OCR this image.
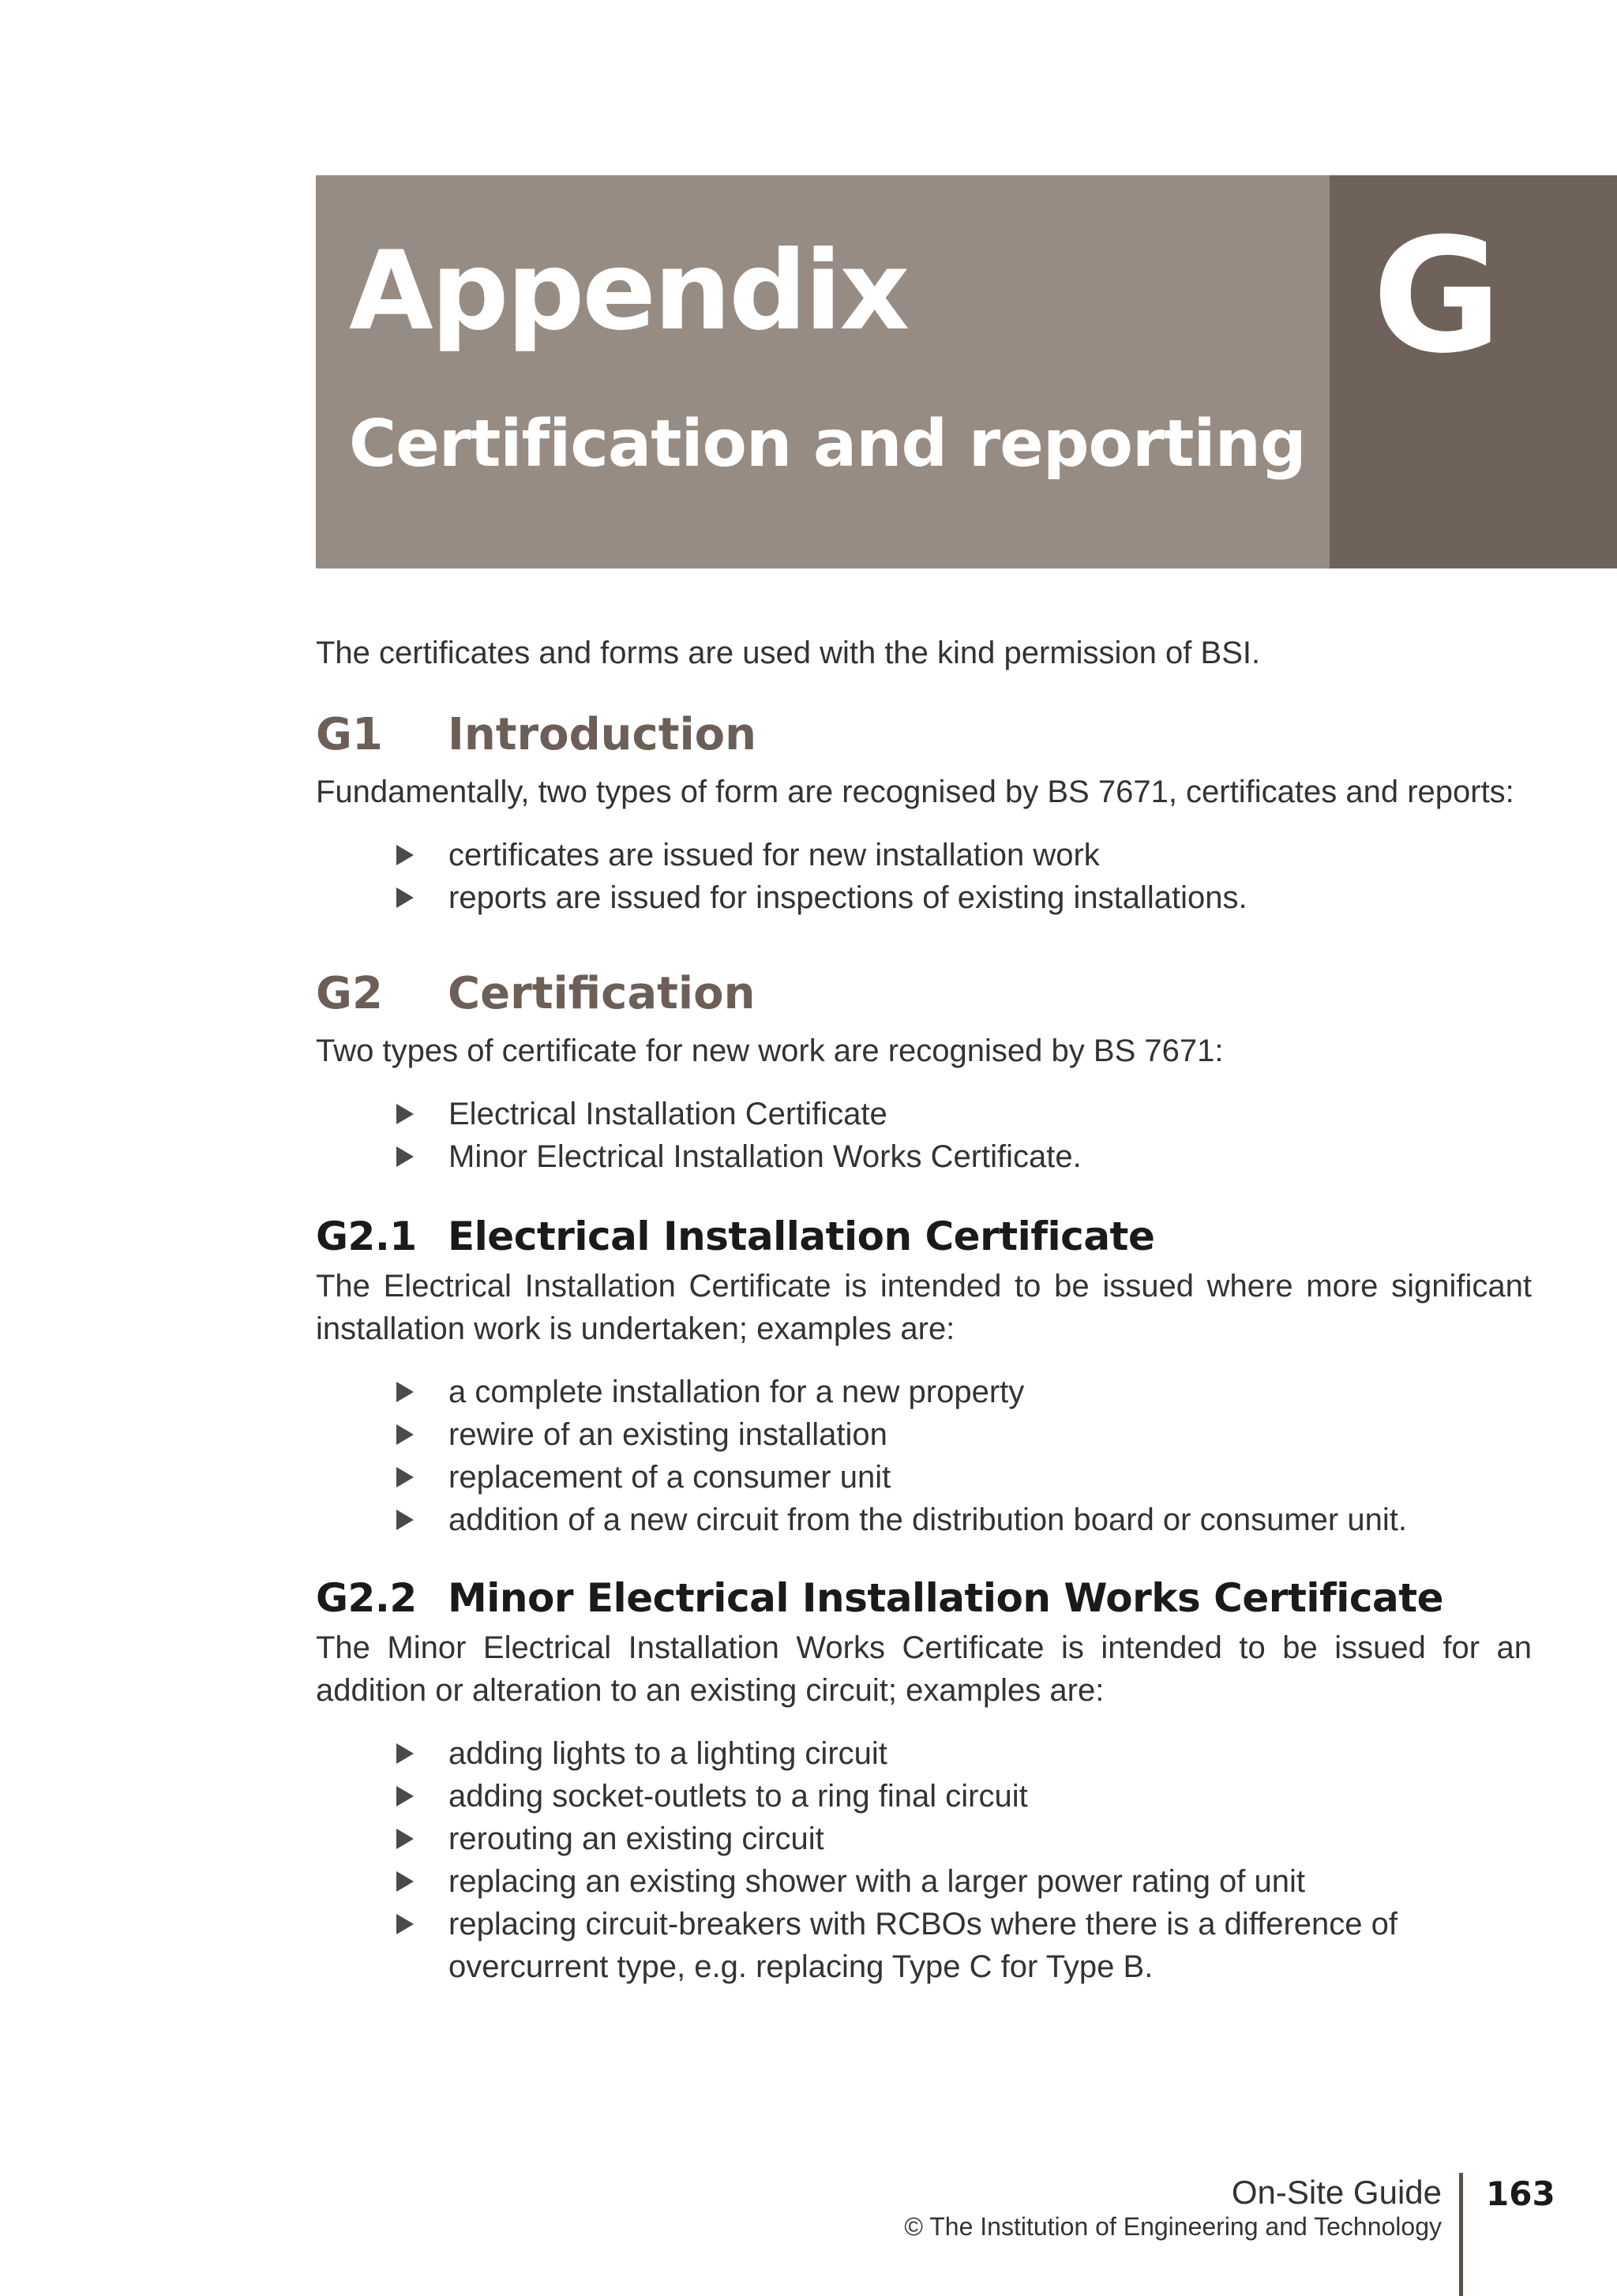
Appendix
Certification and reporting
G

The certificates and forms are used with the kind permission of BSI.

G1	Introduction

Fundamentally, two types of form are recognised by BS 7671, certificates and reports:

certificates are issued for new installation work
reports are issued for inspections of existing installations.
G2	Certification

Two types of certificate for new work are recognised by BS 7671:

Electrical Installation Certificate
Minor Electrical Installation Works Certificate.
G2.1 Electrical Installation Certificate

The Electrical Installation Certificate is intended to be issued where more significant installation work is undertaken; examples are:

a complete installation for a new property
rewire of an existing installation
replacement of a consumer unit
addition of a new circuit from the distribution board or consumer unit.
G2.2 Minor Electrical Installation Works Certificate

The Minor Electrical Installation Works Certificate is intended to be issued for an addition or alteration to an existing circuit; examples are:

adding lights to a lighting circuit
adding socket-outlets to a ring final circuit
rerouting an existing circuit
replacing an existing shower with a larger power rating of unit
replacing circuit-breakers with RCBOs where there is a difference of overcurrent type, e.g. replacing Type C for Type B.

On-Site Guide

© The Institution of Engineering and Technology

163
